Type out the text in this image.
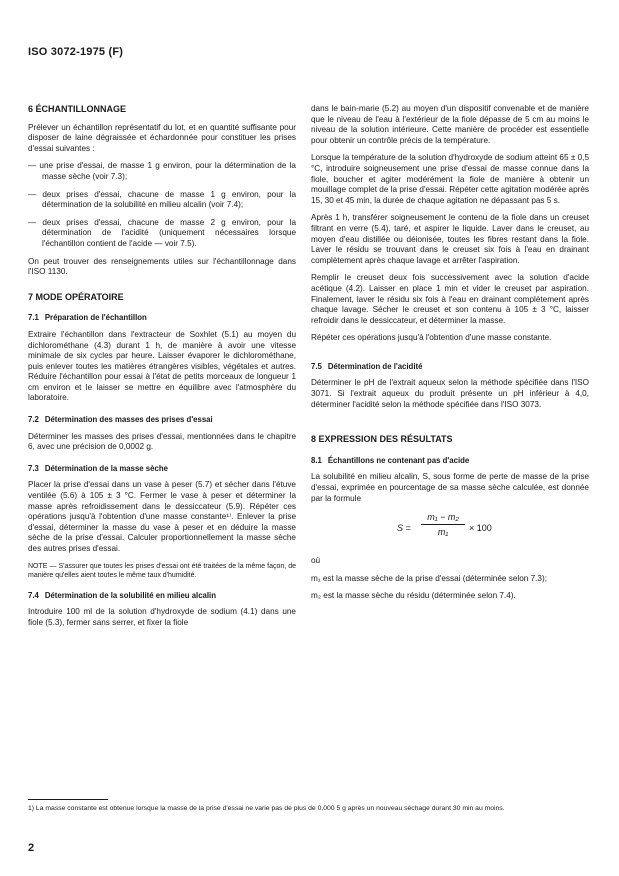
ISO 3072-1975 (F)
6 ÉCHANTILLONNAGE

Prélever un échantillon représentatif du lot, et en quantité suffisante pour disposer de laine dégraissée et échardonnée pour constituer les prises d'essai suivantes :

— une prise d'essai, de masse 1 g environ, pour la détermination de la masse sèche (voir 7.3);
— deux prises d'essai, chacune de masse 1 g environ, pour la détermination de la solubilité en milieu alcalin (voir 7.4);
— deux prises d'essai, chacune de masse 2 g environ, pour la détermination de l'acidité (uniquement nécessaires lorsque l'échantillon contient de l'acide — voir 7.5).

On peut trouver des renseignements utiles sur l'échantillonnage dans l'ISO 1130.

7 MODE OPÉRATOIRE
7.1 Préparation de l'échantillon

Extraire l'échantillon dans l'extracteur de Soxhlet (5.1) au moyen du dichlorométhane (4.3) durant 1 h, de manière à avoir une vitesse minimale de six cycles par heure. Laisser évaporer le dichlorométhane, puis enlever toutes les matières étrangères visibles, végétales et autres. Réduire l'échantillon pour essai à l'état de petits morceaux de longueur 1 cm environ et le laisser se mettre en équilibre avec l'atmosphère du laboratoire.

7.2 Détermination des masses des prises d'essai

Déterminer les masses des prises d'essai, mentionnées dans le chapitre 6, avec une précision de 0,0002 g.

7.3 Détermination de la masse sèche

Placer la prise d'essai dans un vase à peser (5.7) et sécher dans l'étuve ventilée (5.6) à 105 ± 3 °C. Fermer le vase à peser et déterminer la masse après refroidissement dans le dessiccateur (5.9). Répéter ces opérations jusqu'à l'obtention d'une masse constante¹⁾. Enlever la prise d'essai, déterminer la masse du vase à peser et en déduire la masse sèche de la prise d'essai. Calculer proportionnellement la masse sèche des autres prises d'essai.

NOTE — S'assurer que toutes les prises d'essai ont été traitées de la même façon, de manière qu'elles aient toutes le même taux d'humidité.
7.4 Détermination de la solubilité en milieu alcalin

Introduire 100 ml de la solution d'hydroxyde de sodium (4.1) dans une fiole (5.3), fermer sans serrer, et fixer la fiole

dans le bain-marie (5.2) au moyen d'un dispositif convenable et de manière que le niveau de l'eau à l'extérieur de la fiole dépasse de 5 cm au moins le niveau de la solution intérieure. Cette manière de procéder est essentielle pour obtenir un contrôle précis de la température.

Lorsque la température de la solution d'hydroxyde de sodium atteint 65 ± 0,5 °C, introduire soigneusement une prise d'essai de masse connue dans la fiole, boucher et agiter modérément la fiole de manière à obtenir un mouillage complet de la prise d'essai. Répéter cette agitation modérée après 15, 30 et 45 min, la durée de chaque agitation ne dépassant pas 5 s.

Après 1 h, transférer soigneusement le contenu de la fiole dans un creuset filtrant en verre (5.4), taré, et aspirer le liquide. Laver dans le creuset, au moyen d'eau distillée ou déionisée, toutes les fibres restant dans la fiole. Laver le résidu se trouvant dans le creuset six fois à l'eau en drainant complètement après chaque lavage et arrêter l'aspiration.

Remplir le creuset deux fois successivement avec la solution d'acide acétique (4.2). Laisser en place 1 min et vider le creuset par aspiration. Finalement, laver le résidu six fois à l'eau en drainant complètement après chaque lavage. Sécher le creuset et son contenu à 105 ± 3 °C, laisser refroidir dans le dessiccateur, et déterminer la masse.

Répéter ces opérations jusqu'à l'obtention d'une masse constante.

7.5 Détermination de l'acidité

Déterminer le pH de l'extrait aqueux selon la méthode spécifiée dans l'ISO 3071. Si l'extrait aqueux du produit présente un pH inférieur à 4,0, déterminer l'acidité selon la méthode spécifiée dans l'ISO 3073.

8 EXPRESSION DES RÉSULTATS
8.1 Échantillons ne contenant pas d'acide

La solubilité en milieu alcalin, S, sous forme de perte de masse de la prise d'essai, exprimée en pourcentage de sa masse sèche calculée, est donnée par la formule

$S = \frac{\text{m₁ − m₂}}{\text{m₁}} \times 100$

où

m₁ est la masse sèche de la prise d'essai (déterminée selon 7.3);

m₂ est la masse sèche du résidu (déterminée selon 7.4).

1) La masse constante est obtenue lorsque la masse de la prise d'essai ne varie pas de plus de 0,000 5 g après un nouveau séchage durant 30 min au moins.
2
